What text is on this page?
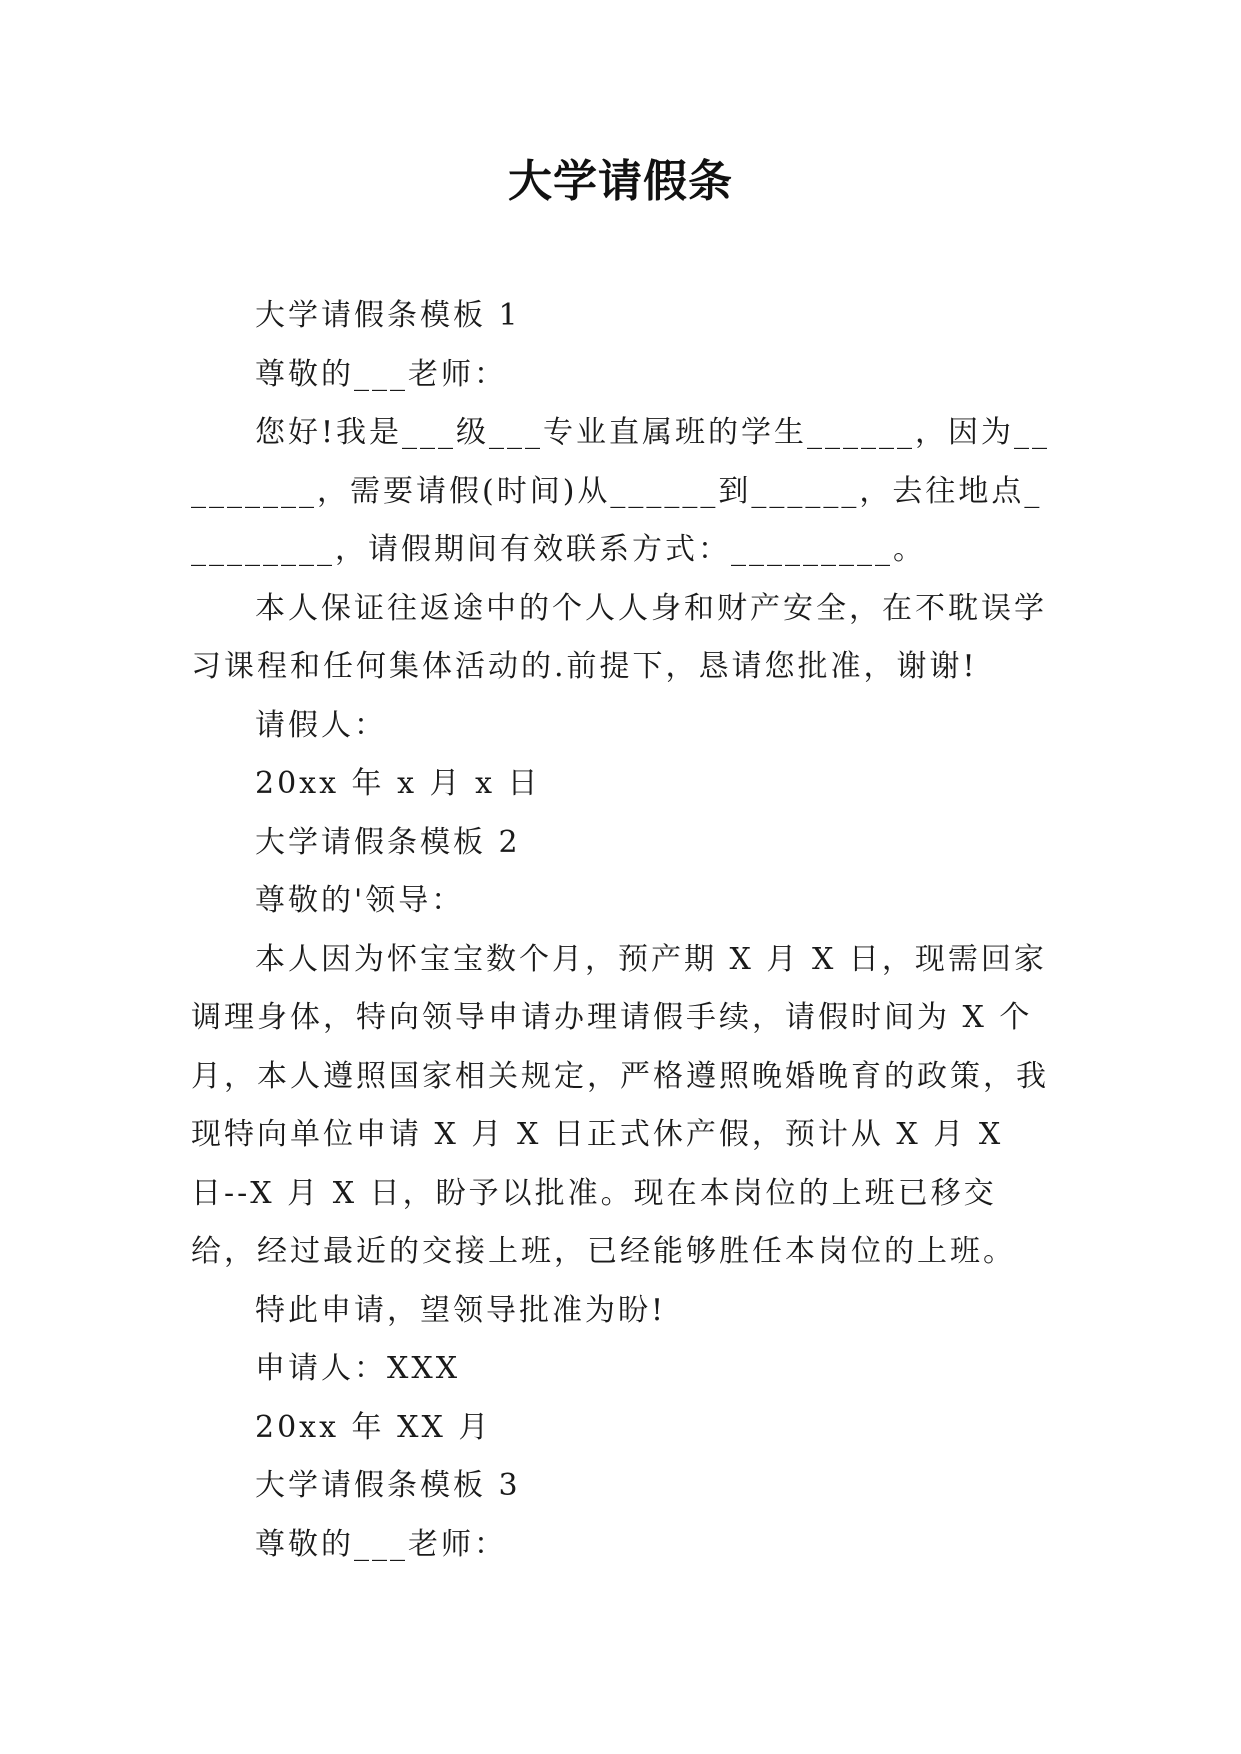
大学请假条

大学请假条模板 1

尊敬的___老师：

您好!我是___级___专业直属班的学生______，因为_________，需要请假(时间)从______到______，去往地点_________，请假期间有效联系方式：_________。

本人保证往返途中的个人人身和财产安全，在不耽误学习课程和任何集体活动的.前提下，恳请您批准，谢谢!

请假人：

20xx 年 x 月 x 日

大学请假条模板 2

尊敬的'领导：

本人因为怀宝宝数个月，预产期 X 月 X 日，现需回家调理身体，特向领导申请办理请假手续，请假时间为 X 个月，本人遵照国家相关规定，严格遵照晚婚晚育的政策，我现特向单位申请 X 月 X 日正式休产假，预计从 X 月 X 日--X 月 X 日，盼予以批准。现在本岗位的上班已移交给，经过最近的交接上班，已经能够胜任本岗位的上班。

特此申请，望领导批准为盼!

申请人：XXX

20xx 年 XX 月

大学请假条模板 3

尊敬的___老师：
